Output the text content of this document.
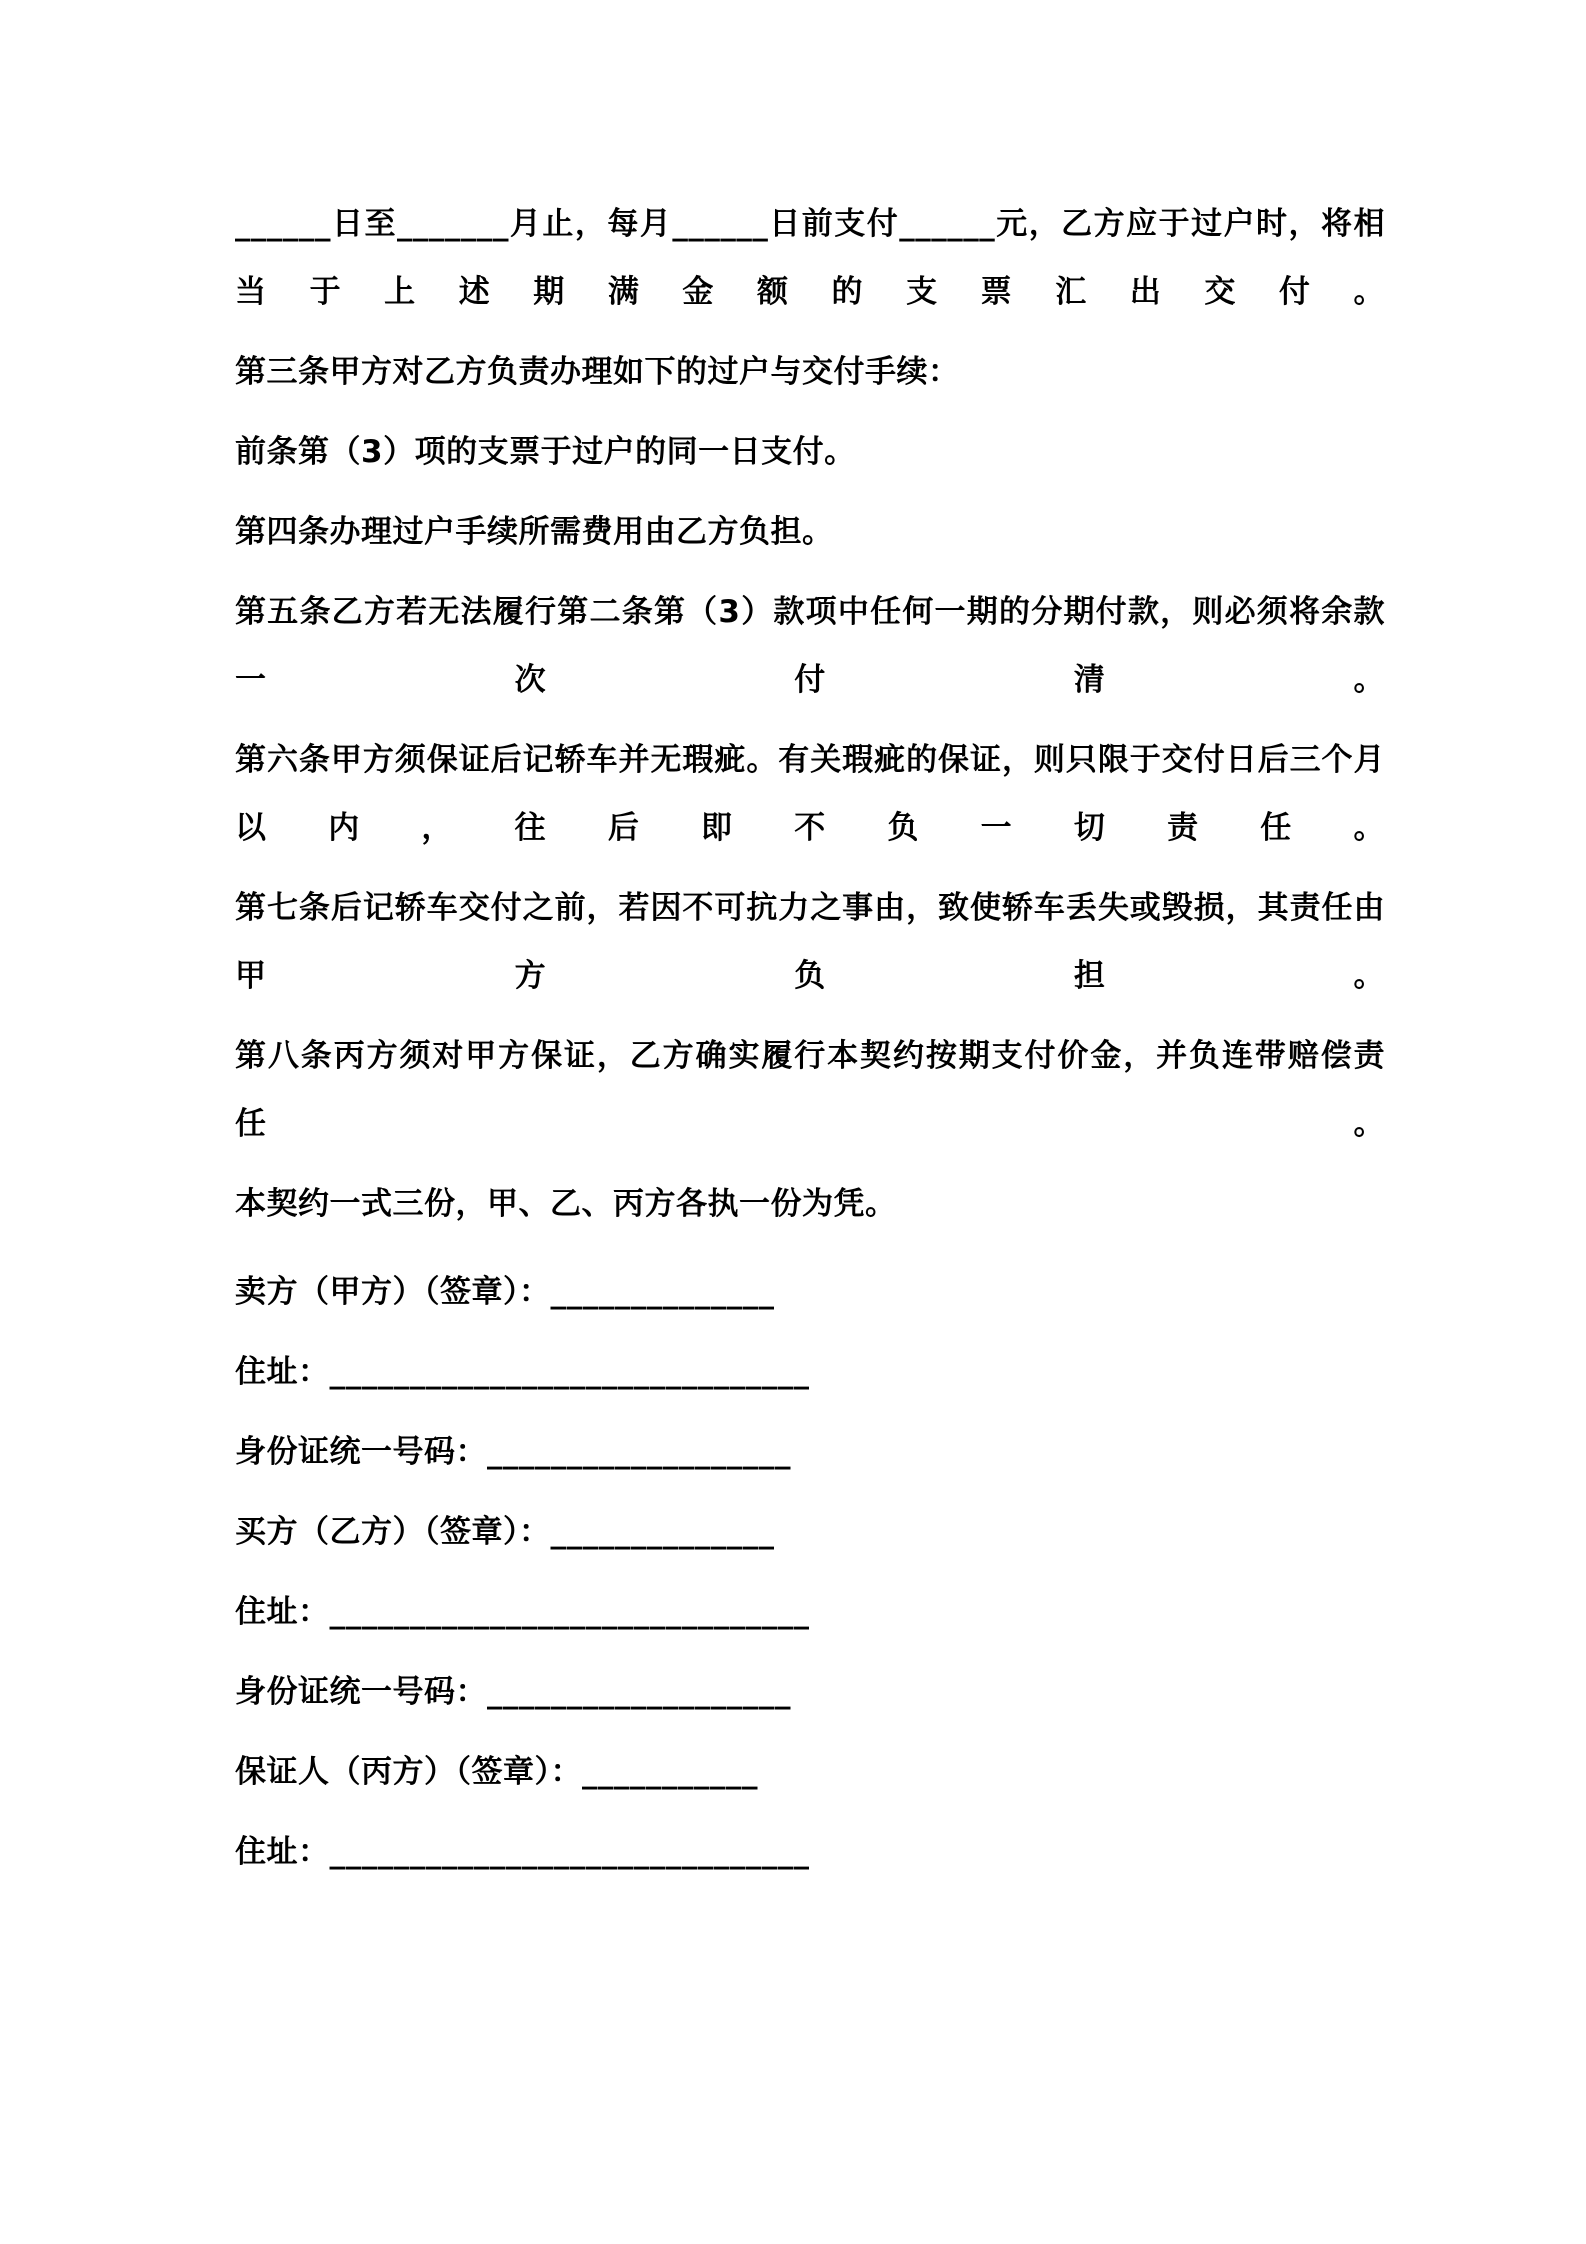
______日至_______月止，每月______日前支付______元，乙方应于过户时，将相当于上述期满金额的支票汇出交付。

第三条甲方对乙方负责办理如下的过户与交付手续：

前条第（3）项的支票于过户的同一日支付。

第四条办理过户手续所需费用由乙方负担。

第五条乙方若无法履行第二条第（3）款项中任何一期的分期付款，则必须将余款一次付清。

第六条甲方须保证后记轿车并无瑕疵。有关瑕疵的保证，则只限于交付日后三个月以内，往后即不负一切责任。

第七条后记轿车交付之前，若因不可抗力之事由，致使轿车丢失或毁损，其责任由甲方负担。

第八条丙方须对甲方保证，乙方确实履行本契约按期支付价金，并负连带赔偿责任。

本契约一式三份，甲、乙、丙方各执一份为凭。

卖方（甲方）（签章）：______________

住址：______________________________

身份证统一号码：___________________

买方（乙方）（签章）：______________

住址：______________________________

身份证统一号码：___________________

保证人（丙方）（签章）：___________

住址：______________________________
